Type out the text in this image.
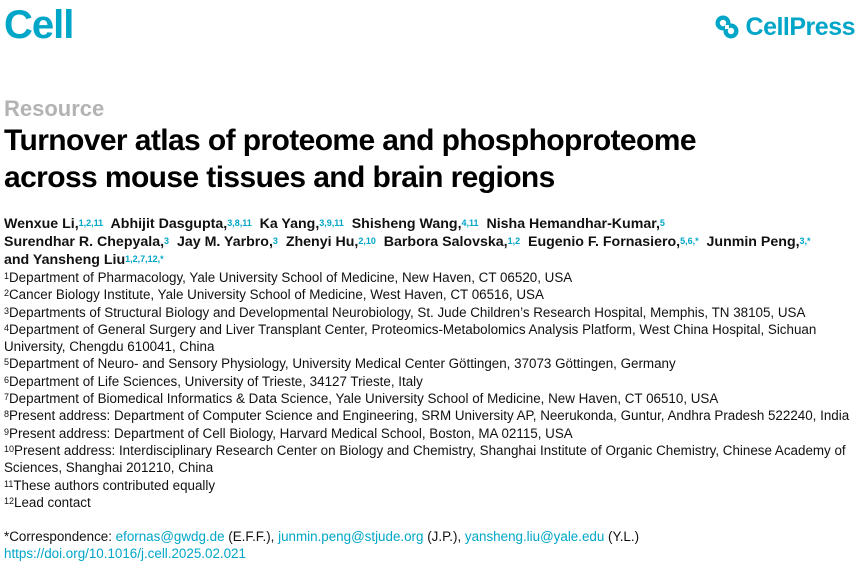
Cell	CellPress
Resource
Turnover atlas of proteome and phosphoproteome
across mouse tissues and brain regions

Wenxue Li,$^{1,2,11}$ Abhijit Dasgupta,$^{3,8,11}$ Ka Yang,$^{3,9,11}$ Shisheng Wang,$^{4,11}$ Nisha Hemandhar-Kumar,$^5$
Surendhar R. Chepyala,$^3$ Jay M. Yarbro,$^3$ Zhenyi Hu,$^{2,10}$ Barbora Salovska,$^{1,2}$ Eugenio F. Fornasiero,$^{5,6,*}$ Junmin Peng,$^{3,*}$
and Yansheng Liu$^{1,2,7,12,*}$

$^1$Department of Pharmacology, Yale University School of Medicine, New Haven, CT 06520, USA
$^2$Cancer Biology Institute, Yale University School of Medicine, West Haven, CT 06516, USA
$^3$Departments of Structural Biology and Developmental Neurobiology, St. Jude Children’s Research Hospital, Memphis, TN 38105, USA
$^4$Department of General Surgery and Liver Transplant Center, Proteomics-Metabolomics Analysis Platform, West China Hospital, Sichuan University, Chengdu 610041, China
$^5$Department of Neuro- and Sensory Physiology, University Medical Center Göttingen, 37073 Göttingen, Germany
$^6$Department of Life Sciences, University of Trieste, 34127 Trieste, Italy
$^7$Department of Biomedical Informatics & Data Science, Yale University School of Medicine, New Haven, CT 06510, USA
$^8$Present address: Department of Computer Science and Engineering, SRM University AP, Neerukonda, Guntur, Andhra Pradesh 522240, India
$^9$Present address: Department of Cell Biology, Harvard Medical School, Boston, MA 02115, USA
$^{10}$Present address: Interdisciplinary Research Center on Biology and Chemistry, Shanghai Institute of Organic Chemistry, Chinese Academy of Sciences, Shanghai 201210, China
$^{11}$These authors contributed equally
$^{12}$Lead contact
*Correspondence: efornas@gwdg.de (E.F.F.), junmin.peng@stjude.org (J.P.), yansheng.liu@yale.edu (Y.L.)
https://doi.org/10.1016/j.cell.2025.02.021
